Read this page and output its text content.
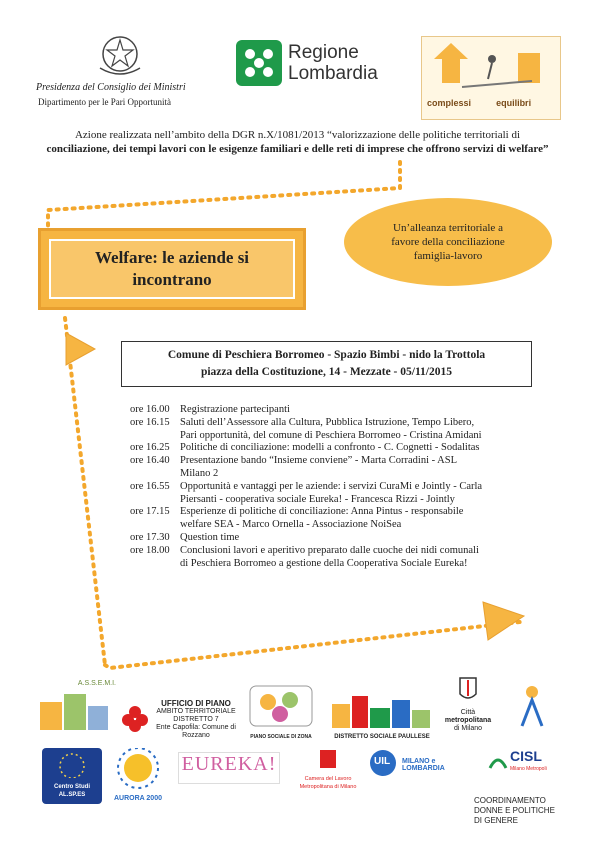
Presidenza del Consiglio dei Ministri
Dipartimento per le Pari Opportunità
Regione
Lombardia
complessi	equilibri
Azione realizzata nell’ambito della DGR n.X/1081/2013 “valorizzazione delle politiche territoriali di
conciliazione, dei tempi lavori con le esigenze familiari e delle reti di imprese che offrono servizi di welfare”
Welfare: le aziende si
incontrano
Un’alleanza territoriale a
favore della conciliazione
famiglia-lavoro
Comune di Peschiera Borromeo - Spazio Bimbi - nido la Trottola
piazza della Costituzione, 14 - Mezzate - 05/11/2015
ore 16.00 Registrazione partecipanti
ore 16.15 Saluti dell’Assessore alla Cultura, Pubblica Istruzione, Tempo Libero,
Pari opportunità, del comune di Peschiera Borromeo - Cristina Amidani
ore 16.25 Politiche di conciliazione: modelli a confronto - C. Cognetti - Sodalitas
ore 16.40 Presentazione bando “Insieme conviene” - Marta Corradini - ASL
Milano 2
ore 16.55 Opportunità e vantaggi per le aziende: i servizi CuraMi e Jointly - Carla
Piersanti - cooperativa sociale Eureka! - Francesca Rizzi - Jointly
ore 17.15 Esperienze di politiche di conciliazione: Anna Pintus - responsabile
welfare SEA - Marco Ornella - Associazione NoiSea
ore 17.30 Question time
ore 18.00 Conclusioni lavori e aperitivo preparato dalle cuoche dei nidi comunali
di Peschiera Borromeo a gestione della Cooperativa Sociale Eureka!
A.S.S.E.M.I.
UFFICIO DI PIANO
AMBITO TERRITORIALE
DISTRETTO 7
Ente Capofila: Comune di Rozzano	PIANO SOCIALE DI ZONA	DISTRETTO SOCIALE PAULLESE
Città
metropolitana
di Milano
Centro Studi AL.SP.ES	AURORA 2000
EUREKA!
Camera del Lavoro Metropolitana di Milano
UIL MILANO e LOMBARDIA
CISL
Milano Metropoli
COORDINAMENTO
DONNE E POLITICHE
DI GENERE
